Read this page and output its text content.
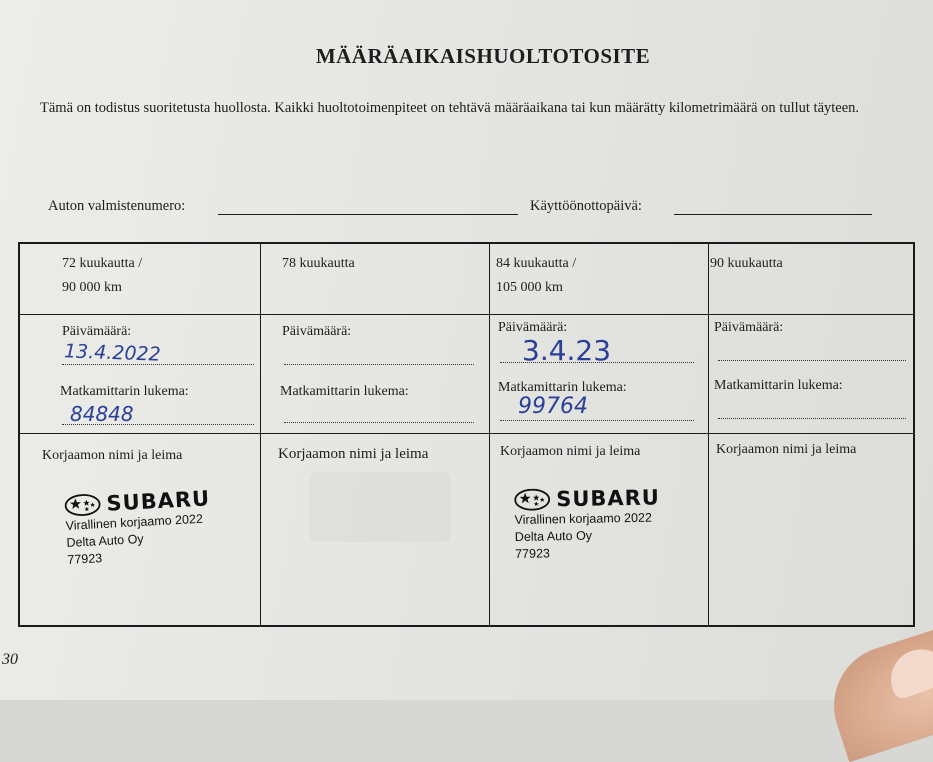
MÄÄRÄAIKAISHUOLTOTOSITE
Tämä on todistus suoritetusta huollosta. Kaikki huoltotoimenpiteet on tehtävä määräaikana tai kun määrätty kilometrimäärä on tullut täyteen.
Auton valmistenumero:	Käyttöönottopäivä:
72 kuukautta /
90 000 km
Päivämäärä:
13.4.2022
Matkamittarin lukema:
84848
Korjaamon nimi ja leima
SUBARU
Virallinen korjaamo 2022
Delta Auto Oy
77923
78 kuukautta
Päivämäärä:
Matkamittarin lukema:
Korjaamon nimi ja leima
84 kuukautta /
105 000 km
Päivämäärä:
3.4.23
Matkamittarin lukema:
99764
Korjaamon nimi ja leima
SUBARU
Virallinen korjaamo 2022
Delta Auto Oy
77923
90 kuukautta
Päivämäärä:
Matkamittarin lukema:
Korjaamon nimi ja leima
30
